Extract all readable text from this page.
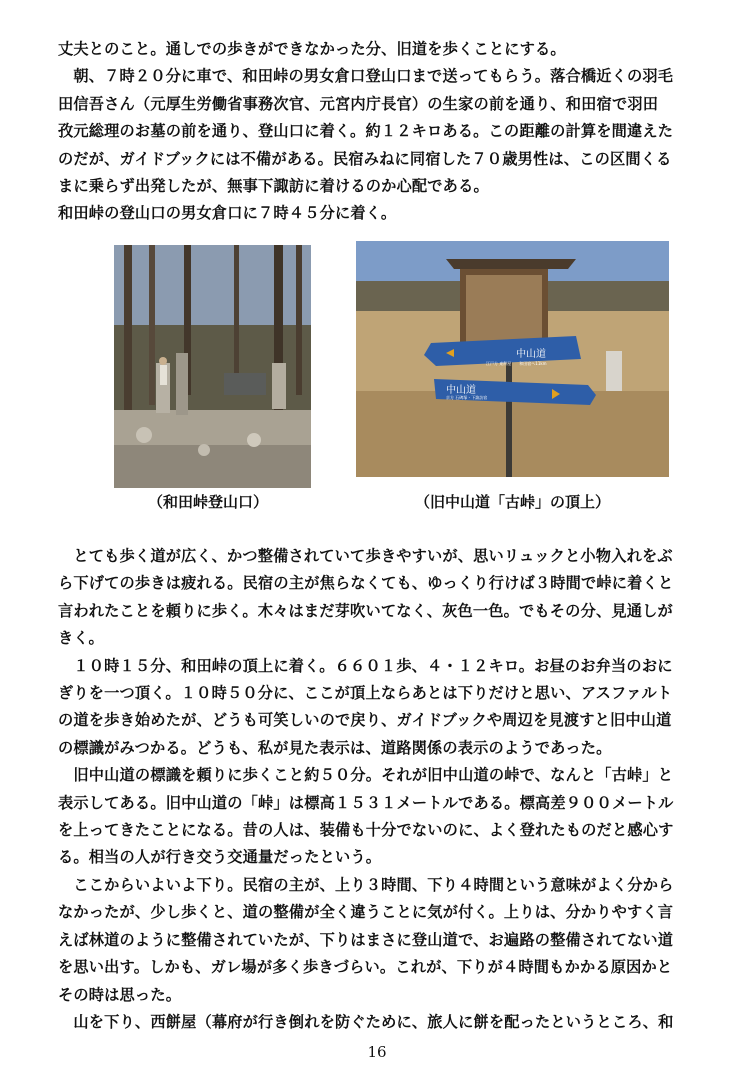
丈夫とのこと。通しでの歩きができなかった分、旧道を歩くことにする。
　朝、７時２０分に車で、和田峠の男女倉口登山口まで送ってもらう。落合橋近くの羽毛
田信吾さん（元厚生労働省事務次官、元宮内庁長官）の生家の前を通り、和田宿で羽田
孜元総理のお墓の前を通り、登山口に着く。約１２キロある。この距離の計算を間違えた
のだが、ガイドブックには不備がある。民宿みねに同宿した７０歳男性は、この区間くる
まに乗らず出発したが、無事下諏訪に着けるのか心配である。
和田峠の登山口の男女倉口に７時４５分に着く。
（和田峠登山口）
中山道
江戸方 東餅屋　　和田宿へ11km
中山道
京方 石碑塚・下諏訪宿
（旧中山道「古峠」の頂上）
　とても歩く道が広く、かつ整備されていて歩きやすいが、思いリュックと小物入れをぶ
ら下げての歩きは疲れる。民宿の主が焦らなくても、ゆっくり行けば３時間で峠に着くと
言われたことを頼りに歩く。木々はまだ芽吹いてなく、灰色一色。でもその分、見通しが
きく。
　１０時１５分、和田峠の頂上に着く。６６０１歩、４・１２キロ。お昼のお弁当のおに
ぎりを一つ頂く。１０時５０分に、ここが頂上ならあとは下りだけと思い、アスファルト
の道を歩き始めたが、どうも可笑しいので戻り、ガイドブックや周辺を見渡すと旧中山道
の標識がみつかる。どうも、私が見た表示は、道路関係の表示のようであった。
　旧中山道の標識を頼りに歩くこと約５０分。それが旧中山道の峠で、なんと「古峠」と
表示してある。旧中山道の「峠」は標高１５３１メートルである。標高差９００メートル
を上ってきたことになる。昔の人は、装備も十分でないのに、よく登れたものだと感心す
る。相当の人が行き交う交通量だったという。
　ここからいよいよ下り。民宿の主が、上り３時間、下り４時間という意味がよく分から
なかったが、少し歩くと、道の整備が全く違うことに気が付く。上りは、分かりやすく言
えば林道のように整備されていたが、下りはまさに登山道で、お遍路の整備されてない道
を思い出す。しかも、ガレ場が多く歩きづらい。これが、下りが４時間もかかる原因かと
その時は思った。
　山を下り、西餅屋（幕府が行き倒れを防ぐために、旅人に餅を配ったというところ、和
16
